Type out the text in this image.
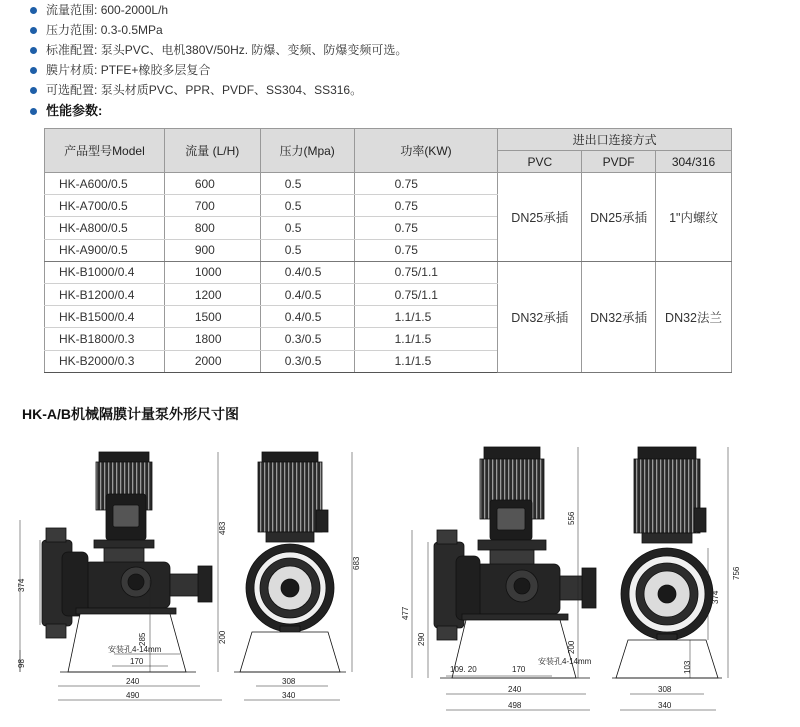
流量范围: 600-2000L/h
压力范围: 0.3-0.5MPa
标准配置: 泵头PVC、电机380V/50Hz. 防爆、变频、防爆变频可选。
膜片材质: PTFE+橡胶多层复合
可选配置: 泵头材质PVC、PPR、PVDF、SS304、SS316。
性能参数:
产品型号Model	流量 (L/H)	压力(Mpa)	功率(KW)	进出口连接方式		
				PVC	PVDF	304/316
HK-A600/0.5	600	0.5	0.75	DN25承插	DN25承插	1"内螺纹
HK-A700/0.5	700	0.5	0.75			
HK-A800/0.5	800	0.5	0.75			
HK-A900/0.5	900	0.5	0.75			
HK-B1000/0.4	1000	0.4/0.5	0.75/1.1	DN32承插	DN32承插	DN32法兰
HK-B1200/0.4	1200	0.4/0.5	0.75/1.1			
HK-B1500/0.4	1500	0.4/0.5	1.1/1.5			
HK-B1800/0.3	1800	0.3/0.5	1.1/1.5			
HK-B2000/0.3	2000	0.3/0.5	1.1/1.5			
HK-A/B机械隔膜计量泵外形尺寸图
483
200
374
98
285
安装孔4-14mm
170
240
490
683
308
340
556
200
477
290
109. 20	170
安装孔4-14mm
240
498
756
374
103
308
340
